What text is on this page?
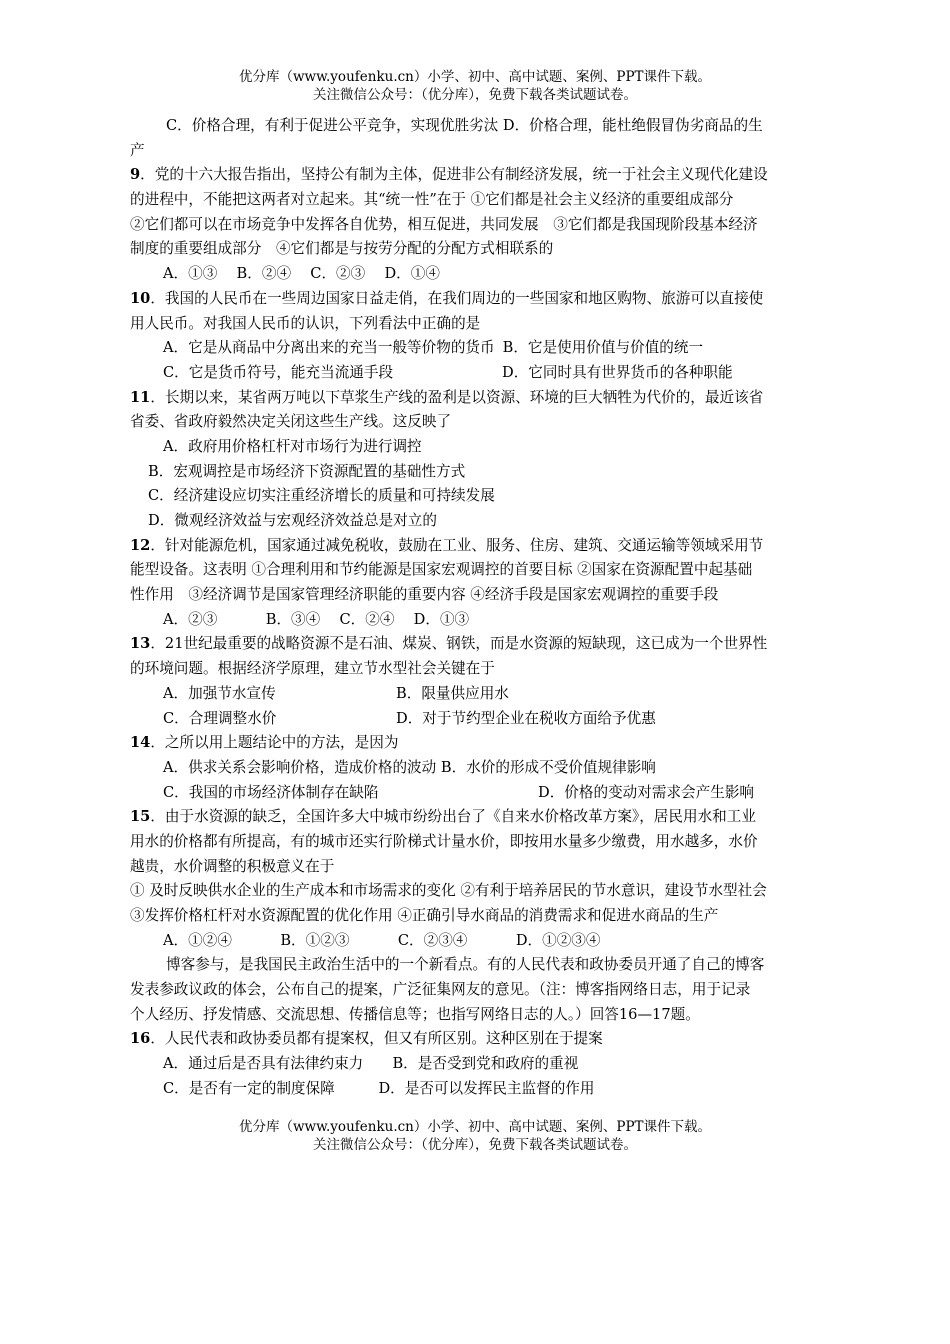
优分库（www.youfenku.cn）小学、初中、高中试题、案例、PPT课件下载。
关注微信公众号：（优分库），免费下载各类试题试卷。
C．价格合理，有利于促进公平竞争，实现优胜劣汰 D．价格合理，能杜绝假冒伪劣商品的生
产
9．党的十六大报告指出，坚持公有制为主体，促进非公有制经济发展，统一于社会主义现代化建设
的进程中，不能把这两者对立起来。其“统一性”在于 ①它们都是社会主义经济的重要组成部分
②它们都可以在市场竞争中发挥各自优势，相互促进，共同发展　③它们都是我国现阶段基本经济
制度的重要组成部分　④它们都是与按劳分配的分配方式相联系的
A．①③　 B．②④　 C．②③　 D．①④
10．我国的人民币在一些周边国家日益走俏，在我们周边的一些国家和地区购物、旅游可以直接使
用人民币。对我国人民币的认识，下列看法中正确的是
A．它是从商品中分离出来的充当一般等价物的货币 B．它是使用价值与价值的统一
C．它是货币符号，能充当流通手段	D．它同时具有世界货币的各种职能
11．长期以来，某省两万吨以下草浆生产线的盈利是以资源、环境的巨大牺牲为代价的，最近该省
省委、省政府毅然决定关闭这些生产线。这反映了
A．政府用价格杠杆对市场行为进行调控
B．宏观调控是市场经济下资源配置的基础性方式
C．经济建设应切实注重经济增长的质量和可持续发展
D．微观经济效益与宏观经济效益总是对立的
12．针对能源危机，国家通过减免税收，鼓励在工业、服务、住房、建筑、交通运输等领域采用节
能型设备。这表明 ①合理利用和节约能源是国家宏观调控的首要目标 ②国家在资源配置中起基础
性作用　③经济调节是国家管理经济职能的重要内容 ④经济手段是国家宏观调控的重要手段
A．②③　　　 B．③④　 C．②④　 D．①③
13．21世纪最重要的战略资源不是石油、煤炭、钢铁，而是水资源的短缺现，这已成为一个世界性
的环境问题。根据经济学原理，建立节水型社会关键在于
A．加强节水宣传	B．限量供应用水
C．合理调整水价	D．对于节约型企业在税收方面给予优惠
14．之所以用上题结论中的方法，是因为
A．供求关系会影响价格，造成价格的波动 B．水价的形成不受价值规律影响
C．我国的市场经济体制存在缺陷	D．价格的变动对需求会产生影响
15．由于水资源的缺乏，全国许多大中城市纷纷出台了《自来水价格改革方案》，居民用水和工业
用水的价格都有所提高，有的城市还实行阶梯式计量水价，即按用水量多少缴费，用水越多，水价
越贵，水价调整的积极意义在于
① 及时反映供水企业的生产成本和市场需求的变化 ②有利于培养居民的节水意识，建设节水型社会
③发挥价格杠杆对水资源配置的优化作用 ④正确引导水商品的消费需求和促进水商品的生产
A．①②④　　　 B．①②③　　　 C．②③④　　　 D．①②③④
博客参与，是我国民主政治生活中的一个新看点。有的人民代表和政协委员开通了自己的博客
发表参政议政的体会，公布自己的提案，广泛征集网友的意见。（注：博客指网络日志，用于记录
个人经历、抒发情感、交流思想、传播信息等；也指写网络日志的人。）回答16—17题。
16．人民代表和政协委员都有提案权，但又有所区别。这种区别在于提案
A．通过后是否具有法律约束力　　B．是否受到党和政府的重视
C．是否有一定的制度保障　　　D．是否可以发挥民主监督的作用
优分库（www.youfenku.cn）小学、初中、高中试题、案例、PPT课件下载。
关注微信公众号：（优分库），免费下载各类试题试卷。
